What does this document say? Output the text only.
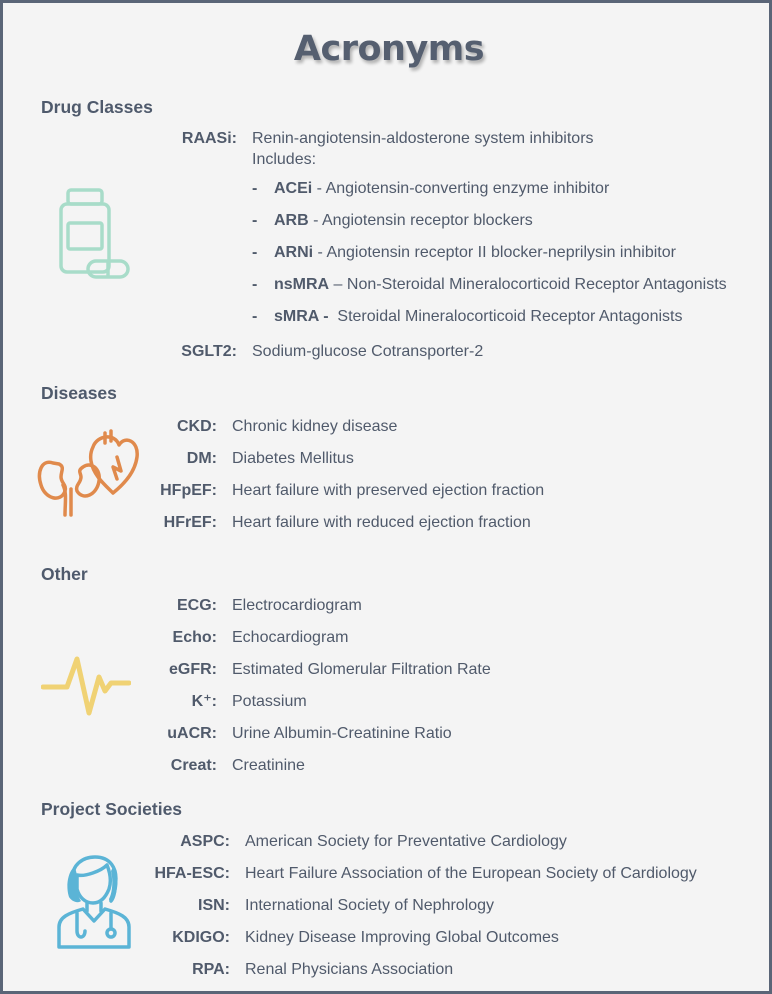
Acronyms
Drug Classes
RAASi: Renin-angiotensin-aldosterone system inhibitors
Includes:
- ACEi - Angiotensin-converting enzyme inhibitor
- ARB - Angiotensin receptor blockers
- ARNi - Angiotensin receptor II blocker-neprilysin inhibitor
- nsMRA – Non-Steroidal Mineralocorticoid Receptor Antagonists
- sMRA -  Steroidal Mineralocorticoid Receptor Antagonists
SGLT2: Sodium-glucose Cotransporter-2
Diseases
CKD: Chronic kidney disease
DM: Diabetes Mellitus
HFpEF: Heart failure with preserved ejection fraction
HFrEF: Heart failure with reduced ejection fraction
Other
ECG: Electrocardiogram
Echo: Echocardiogram
eGFR: Estimated Glomerular Filtration Rate
K⁺: Potassium
uACR: Urine Albumin-Creatinine Ratio
Creat: Creatinine
Project Societies
ASPC: American Society for Preventative Cardiology
HFA-ESC: Heart Failure Association of the European Society of Cardiology
ISN: International Society of Nephrology
KDIGO: Kidney Disease Improving Global Outcomes
RPA: Renal Physicians Association
